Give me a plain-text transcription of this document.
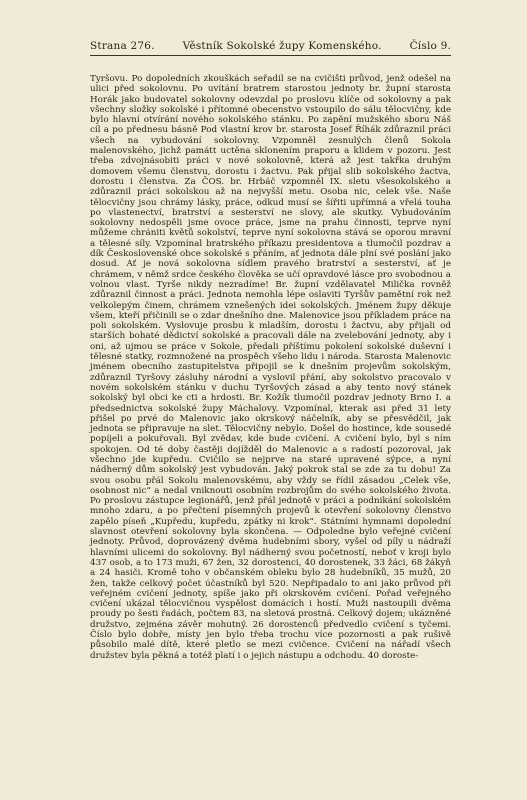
Strana 276.	Věstník Sokolské župy Komenského.	Číslo 9.

Tyršovu. Po dopoledních zkouškách seřadil se na cvičišti průvod, jenž odešel na ulici před sokolovnu. Po uvítání bratrem starostou jednoty br. župní starosta Horák jako budovatel sokolovny odevzdal po proslovu klíče od sokolovny a pak všechny složky sokolské i přítomné obecenstvo vstoupilo do sálu tělocvičny, kde bylo hlavní otvírání nového sokolského stánku. Po zapění mužského sboru Náš cíl a po přednesu básně Pod vlastní krov br. starosta Josef Říhák zdůraznil práci všech na vybudování sokolovny. Vzpomněl zesnulých členů Sokola malenovského, jichž památt uctěna sklonením praporu a klidem v pozoru. Jest třeba zdvojnásobiti práci v nové sokolovně, která až jest takřka druhým domovem všemu členstvu, dorostu i žactvu. Pak přijal slib sokolského žactva, dorostu i členstva. Za ČOS. br. Hrbáč vzpomněl IX. sletu všesokolského a zdůraznil práci sokolskou až na nejvyšší metu. Osoba nic, celek vše. Naše tělocvičny jsou chrámy lásky, práce, odkud musí se šířiti upřímná a vřelá touha po vlastenectví, bratrství a sesterství ne slovy, ale skutky. Vybudováním sokolovny nedospěli jsme ovoce práce, jsme na prahu činnosti, teprve nyní můžeme chrániti květů sokolství, teprve nyní sokolovna stává se oporou mravní a tělesné síly. Vzpomínal bratrského příkazu presidentova a tlumočil pozdrav a dík Československé obce sokolské s přáním, ať jednota dále plní své poslání jako dosud. Ať je nová sokolovna sídlem pravého bratrství a sesterství, ať je chrámem, v němž srdce českého člověka se učí opravdové lásce pro svobodnou a volnou vlast. Tyrše nikdy nezradíme! Br. župní vzdělavatel Milička rovněž zdůraznil činnost a práci. Jednota nemohla lépe oslaviti Tyršův pamětní rok než velkolepým činem, chrámem vznešených idei sokolských. Jménem župy děkuje všem, kteří přičinili se o zdar dnešního dne. Malenovice jsou příkladem práce na poli sokolském. Vyslovuje prosbu k mladším, dorostu i žactvu, aby přijali od starších bohaté dědictví sokolské a pracovali dále na zvelebování jednoty, aby i oni, až ujmou se práce v Sokole, předali příštímu pokolení sokolské duševní i tělesné statky, rozmnožené na prospěch všeho lidu i národa. Starosta Malenovic jménem obecního zastupitelstva připojil se k dnešním projevům sokolským, zdůraznil Tyršovy zásluhy národní a vyslovil přání, aby sokolstvo pracovalo v novém sokolském stánku v duchu Tyršových zásad a aby tento nový stánek sokolský byl obci ke cti a hrdosti. Br. Kožík tlumočil pozdrav jednoty Brno I. a předsednictva sokolské župy Máchalovy. Vzpomínal, kterak asi před 31 lety přišel po prvé do Malenovic jako okrskový náčelník, aby se přesvědčil, jak jednota se připravuje na slet. Tělocvičny nebylo. Došel do hostince, kde sousedé popíjeli a pokuřovali. Byl zvědav, kde bude cvičení. A cvičení bylo, byl s ním spokojen. Od té doby častěji dojížděl do Malenovic a s radostí pozoroval, jak všechno jde kupředu. Cvičilo se nejprve na staré upravené sýpce, a nyní nádherný dům sokolský jest vybudován. Jaký pokrok stal se zde za tu dobu! Za svou osobu přál Sokolu malenovskému, aby vždy se řídil zásadou „Celek vše, osobnost nic“ a nedal vniknouti osobním rozbrojům do svého sokolského života. Po proslovu zástupce legionářů, jenž přál jednotě v práci a podnikání sokolském mnoho zdaru, a po přečtení písemných projevů k otevření sokolovny členstvo zapělo píseň „Kupředu, kupředu, zpátky ni krok“. Státními hymnami dopolední slavnost otevření sokolovny byla skončena. — Odpoledne bylo veřejné cvičení jednoty. Průvod, doprovázený dvěma hudebními sbory, vyšel od píly u nádraží hlavními ulicemi do sokolovny. Byl nádherný svou početností, neboť v kroji bylo 437 osob, a to 173 muži, 67 žen, 32 dorostenci, 40 dorostenek, 33 žáci, 68 žákyň a 24 hasiči. Kromě toho v občanském obleku bylo 28 hudebníků, 35 mužů, 20 žen, takže celkový počet účastníků byl 520. Nepřipadalo to ani jako průvod při veřejném cvičení jednoty, spíše jako při okrskovém cvičení. Pořad veřejného cvičení ukázal tělocvičnou vyspělost domácích i hostí. Muži nastoupili dvěma proudy po šesti řadách, počtem 83, na sletová prostná. Celkový dojem; ukázněné družstvo, zejména závěr mohutný. 26 dorostenců předvedlo cvičení s tyčemi. Číslo bylo dobře, místy jen bylo třeba trochu více pozornosti a pak rušivě působilo malé dítě, které pletlo se mezi cvičence. Cvičení na nářadí všech družstev byla pěkná a totéž platí i o jejich nástupu a odchodu. 40 doroste-
